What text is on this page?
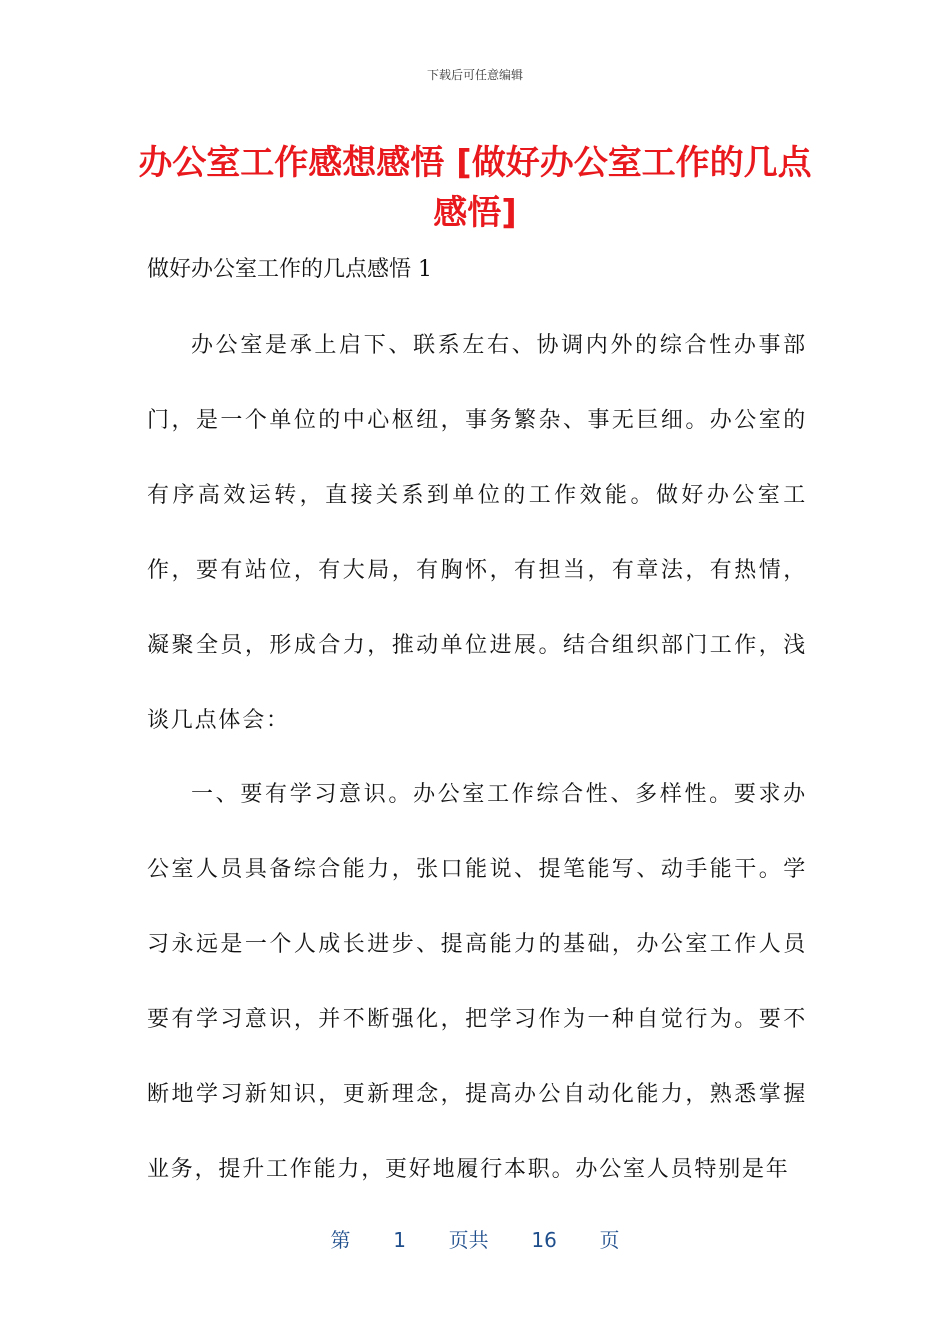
下载后可任意编辑
办公室工作感想感悟 [做好办公室工作的几点感悟]
做好办公室工作的几点感悟 1

办公室是承上启下、联系左右、协调内外的综合性办事部门，是一个单位的中心枢纽，事务繁杂、事无巨细。办公室的有序高效运转，直接关系到单位的工作效能。做好办公室工作，要有站位，有大局，有胸怀，有担当，有章法，有热情，凝聚全员，形成合力，推动单位进展。结合组织部门工作，浅谈几点体会：

一、要有学习意识。办公室工作综合性、多样性。要求办公室人员具备综合能力，张口能说、提笔能写、动手能干。学习永远是一个人成长进步、提高能力的基础，办公室工作人员要有学习意识，并不断强化，把学习作为一种自觉行为。要不断地学习新知识，更新理念，提高办公自动化能力，熟悉掌握业务，提升工作能力，更好地履行本职。办公室人员特别是年

第 1 页共 16 页
